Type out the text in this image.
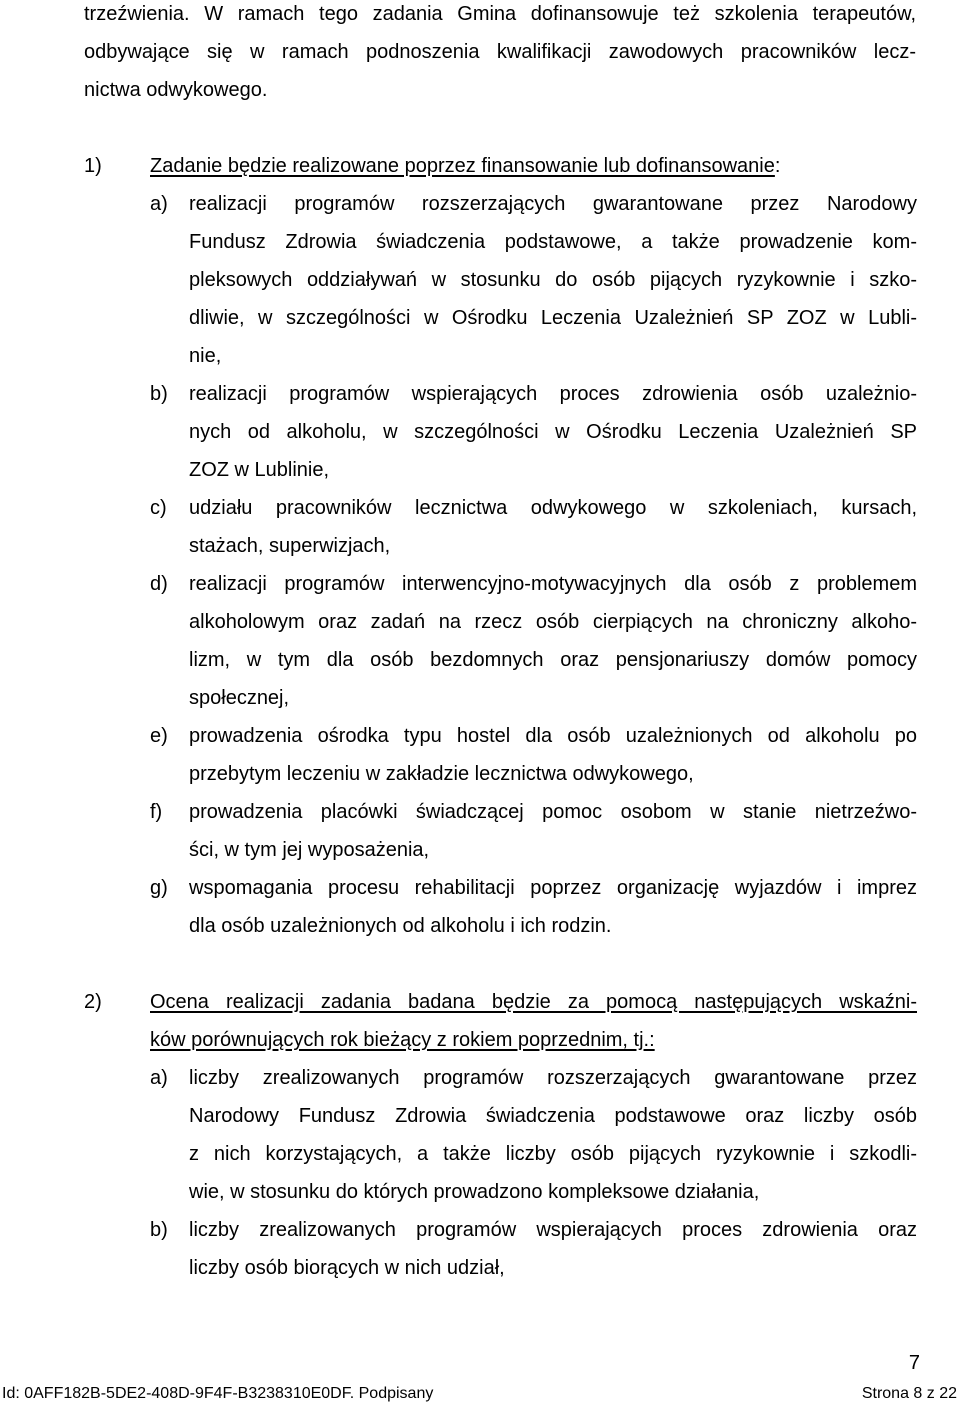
trzeźwienia. W ramach tego zadania Gmina dofinansowuje też szkolenia terapeutów,
odbywające się w ramach podnoszenia kwalifikacji zawodowych pracowników lecz-
nictwa odwykowego.
1) Zadanie będzie realizowane poprzez finansowanie lub dofinansowanie:
a) realizacji programów rozszerzających gwarantowane przez Narodowy
Fundusz Zdrowia świadczenia podstawowe, a także prowadzenie kom-
pleksowych oddziaływań w stosunku do osób pijących ryzykownie i szko-
dliwie, w szczególności w Ośrodku Leczenia Uzależnień SP ZOZ w Lubli-
nie,
b) realizacji programów wspierających proces zdrowienia osób uzależnio-
nych od alkoholu, w szczególności w Ośrodku Leczenia Uzależnień SP
ZOZ w Lublinie,
c) udziału pracowników lecznictwa odwykowego w szkoleniach, kursach,
stażach, superwizjach,
d) realizacji programów interwencyjno-motywacyjnych dla osób z problemem
alkoholowym oraz zadań na rzecz osób cierpiących na chroniczny alkoho-
lizm, w tym dla osób bezdomnych oraz pensjonariuszy domów pomocy
społecznej,
e) prowadzenia ośrodka typu hostel dla osób uzależnionych od alkoholu po
przebytym leczeniu w zakładzie lecznictwa odwykowego,
f) prowadzenia placówki świadczącej pomoc osobom w stanie nietrzeźwo-
ści, w tym jej wyposażenia,
g) wspomagania procesu rehabilitacji poprzez organizację wyjazdów i imprez
dla osób uzależnionych od alkoholu i ich rodzin.
2) Ocena realizacji zadania badana będzie za pomocą następujących wskaźni-
ków porównujących rok bieżący z rokiem poprzednim, tj.:
a) liczby zrealizowanych programów rozszerzających gwarantowane przez
Narodowy Fundusz Zdrowia świadczenia podstawowe oraz liczby osób
z nich korzystających, a także liczby osób pijących ryzykownie i szkodli-
wie, w stosunku do których prowadzono kompleksowe działania,
b) liczby zrealizowanych programów wspierających proces zdrowienia oraz
liczby osób biorących w nich udział,
7
Id: 0AFF182B-5DE2-408D-9F4F-B3238310E0DF. Podpisany	Strona 8 z 22
